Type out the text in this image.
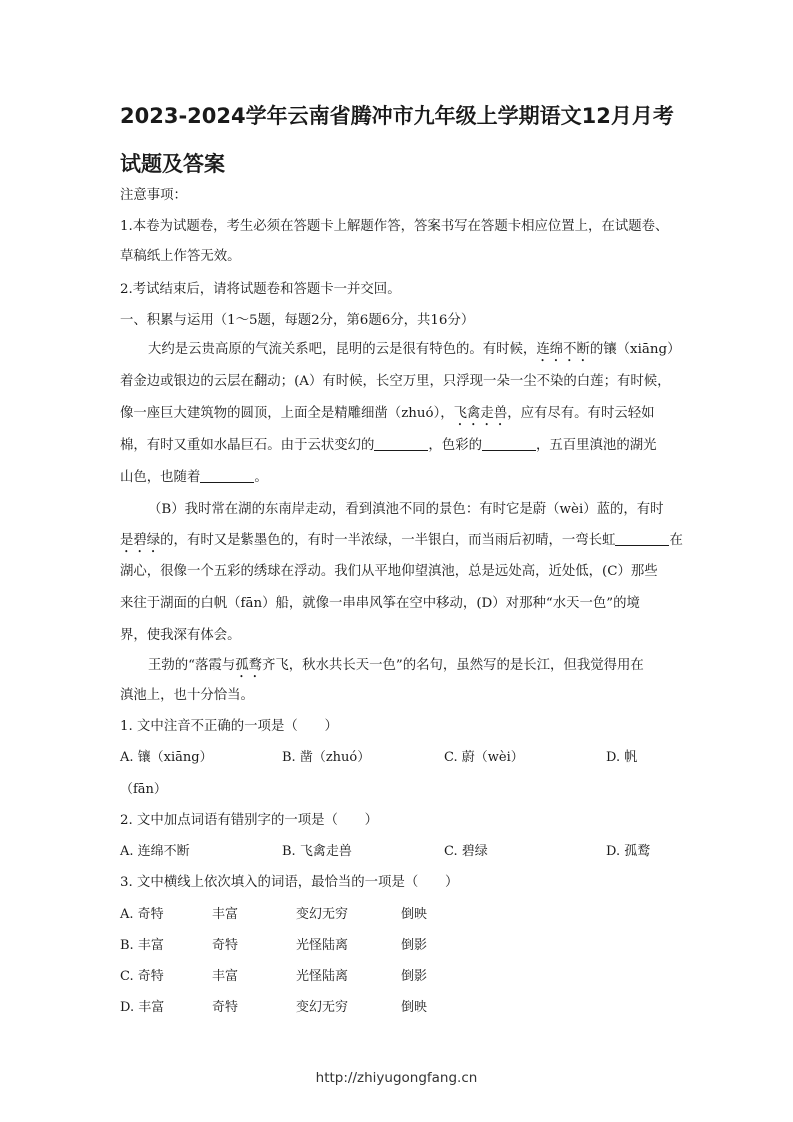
2023-2024学年云南省腾冲市九年级上学期语文12月月考
试题及答案
注意事项：
1.本卷为试题卷，考生必须在答题卡上解题作答，答案书写在答题卡相应位置上，在试题卷、
草稿纸上作答无效。
2.考试结束后，请将试题卷和答题卡一并交回。
一、积累与运用（1～5题，每题2分，第6题6分，共16分）
大约是云贵高原的气流关系吧，昆明的云是很有特色的。有时候，连绵不断的镶（xiāng）
着金边或银边的云层在翻动；(A）有时候，长空万里，只浮现一朵一尘不染的白莲；有时候，
像一座巨大建筑物的圆顶，上面全是精雕细凿（zhuó），飞禽走兽，应有尽有。有时云轻如
棉，有时又重如水晶巨石。由于云状变幻的	，色彩的	，五百里滇池的湖光
山色，也随着	。
（B）我时常在湖的东南岸走动，看到滇池不同的景色：有时它是蔚（wèi）蓝的，有时
是碧绿的，有时又是紫墨色的，有时一半浓绿，一半银白，而当雨后初晴，一弯长虹	在
湖心，很像一个五彩的绣球在浮动。我们从平地仰望滇池，总是远处高，近处低，(C）那些
来往于湖面的白帆（fān）船，就像一串串风筝在空中移动，(D）对那种“水天一色”的境
界，使我深有体会。
王勃的“落霞与孤鹜齐飞，秋水共长天一色”的名句，虽然写的是长江，但我觉得用在
滇池上，也十分恰当。
1. 文中注音不正确的一项是（　　）
A. 镶（xiāng）	B. 凿（zhuó）	C. 蔚（wèi）	D. 帆
（fān）
2. 文中加点词语有错别字的一项是（　　）
A. 连绵不断	B. 飞禽走兽	C. 碧绿	D. 孤鹜
3. 文中横线上依次填入的词语，最恰当的一项是（　　）
A. 奇特	丰富	变幻无穷	倒映
B. 丰富	奇特	光怪陆离	倒影
C. 奇特	丰富	光怪陆离	倒影
D. 丰富	奇特	变幻无穷	倒映
http://zhiyugongfang.cn
